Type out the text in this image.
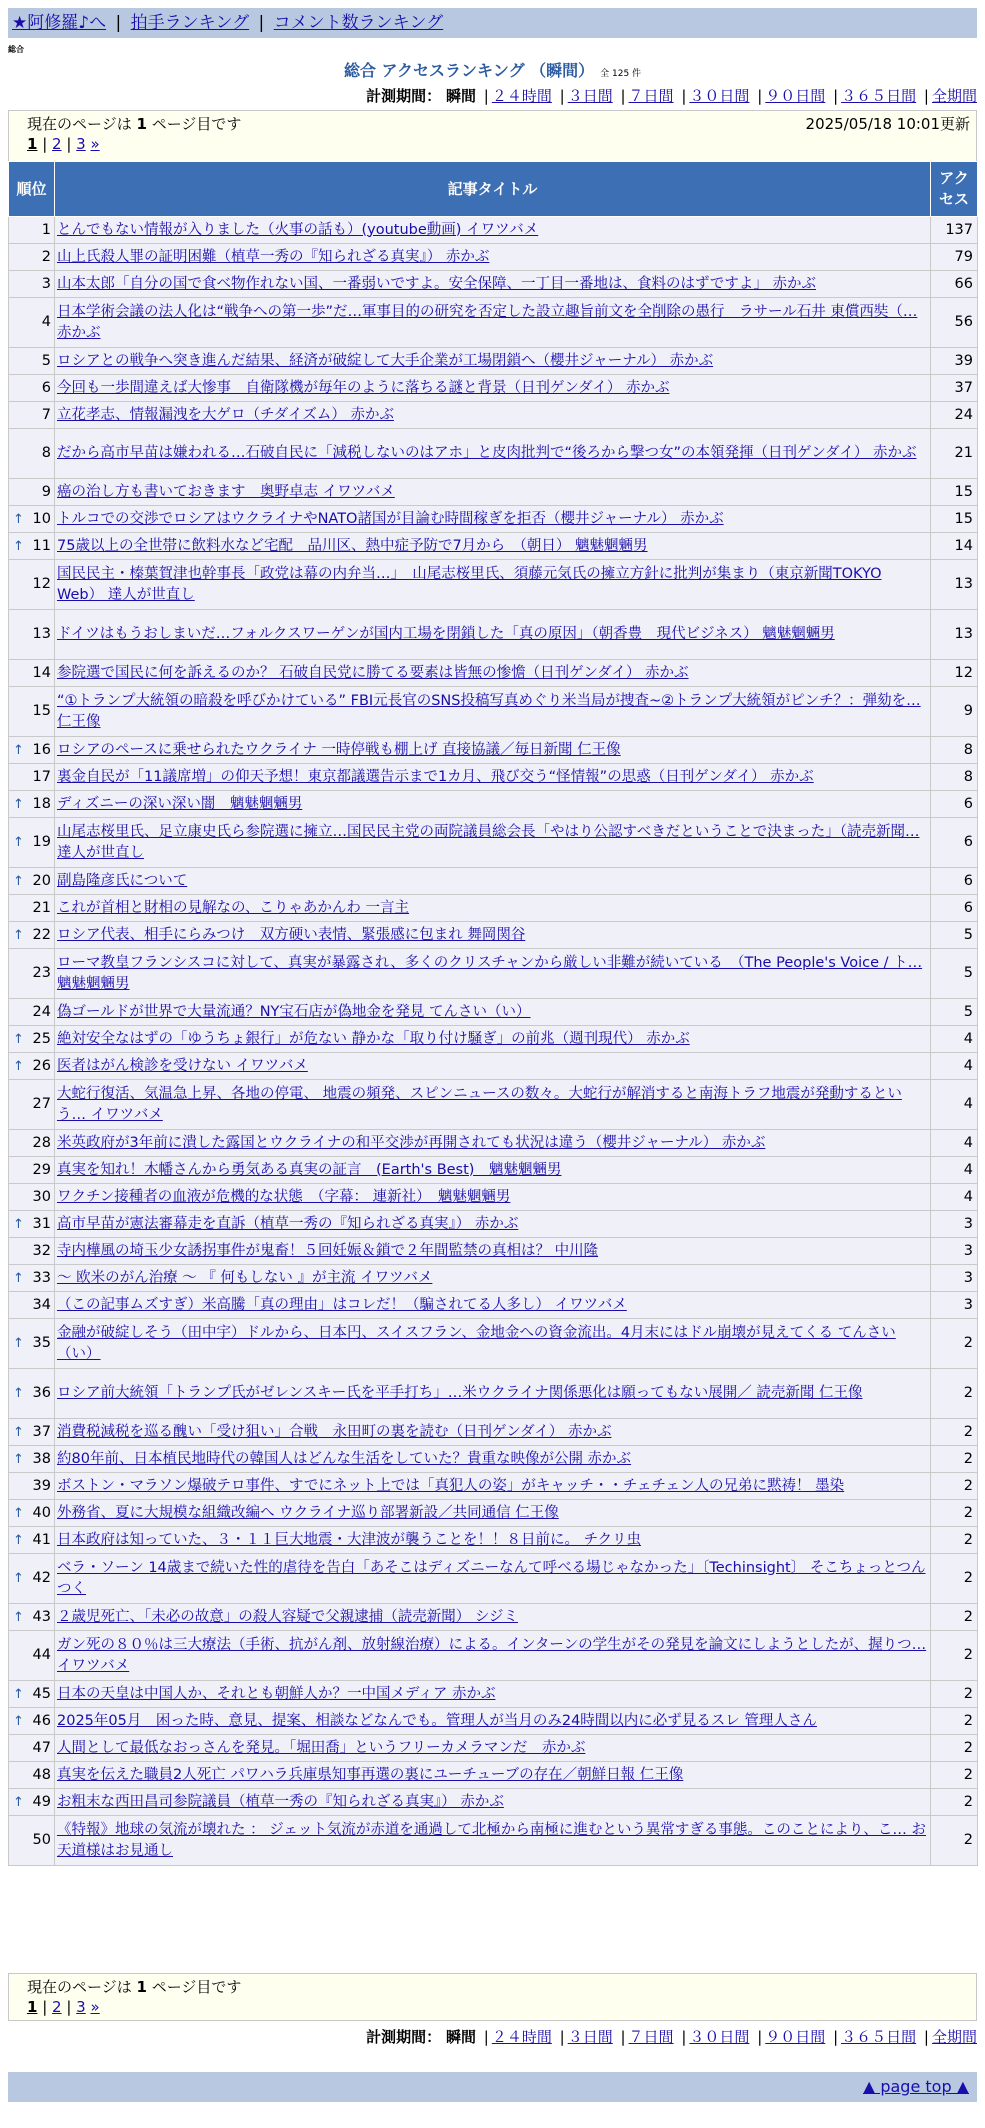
★阿修羅♪へ | 拍手ランキング | コメント数ランキング
総合
総合 アクセスランキング （瞬間） 全 125 件
計測期間： 瞬間 | ２４時間 | ３日間 | ７日間 | ３０日間 | ９０日間 | ３６５日間 | 全期間
現在のページは 1 ページ目です	2025/05/18 10:01更新
1 | 2 | 3 »
順位	記事タイトル	アクセス
1	とんでもない情報が入りました（火事の話も）(youtube動画) イワツバメ	137
2	山上氏殺人罪の証明困難（植草一秀の『知られざる真実』） 赤かぶ	79
3	山本太郎「自分の国で食べ物作れない国、一番弱いですよ。安全保障、一丁目一番地は、食料のはずですよ」 赤かぶ	66
4	日本学術会議の法人化は“戦争への第一歩”だ…軍事目的の研究を否定した設立趣旨前文を全削除の愚行　ラサール石井 東償西奘（… 赤かぶ	56
5	ロシアとの戦争へ突き進んだ結果、経済が破綻して大手企業が工場閉鎖へ（櫻井ジャーナル） 赤かぶ	39
6	今回も一歩間違えば大惨事　自衛隊機が毎年のように落ちる謎と背景（日刊ゲンダイ） 赤かぶ	37
7	立花孝志、情報漏洩を大ゲロ（チダイズム） 赤かぶ	24
8	だから高市早苗は嫌われる…石破自民に「減税しないのはアホ」と皮肉批判で“後ろから撃つ女”の本領発揮（日刊ゲンダイ） 赤かぶ	21
9	癌の治し方も書いておきます　奥野卓志 イワツバメ	15

↑ 10	トルコでの交渉でロシアはウクライナやNATO諸国が目論む時間稼ぎを拒否（櫻井ジャーナル） 赤かぶ	15

↑ 11	75歳以上の全世帯に飲料水など宅配　品川区、熱中症予防で7月から　（朝日） 魑魅魍魎男	14
12	国民民主・榛葉賀津也幹事長「政党は幕の内弁当…」　山尾志桜里氏、須藤元気氏の擁立方針に批判が集まり（東京新聞TOKYO Web） 達人が世直し	13
13	ドイツはもうおしまいだ…フォルクスワーゲンが国内工場を閉鎖した「真の原因」（朝香豊　現代ビジネス） 魑魅魍魎男	13
14	参院選で国民に何を訴えるのか？ 石破自民党に勝てる要素は皆無の惨憺（日刊ゲンダイ） 赤かぶ	12
15	“①トランプ大統領の暗殺を呼びかけている” FBI元長官のSNS投稿写真めぐり米当局が捜査~②トランプ大統領がピンチ？：弾劾を… 仁王像	9

↑ 16	ロシアのペースに乗せられたウクライナ 一時停戦も棚上げ 直接協議／毎日新聞 仁王像	8
17	裏金自民が「11議席増」の仰天予想！東京都議選告示まで1カ月、飛び交う“怪情報”の思惑（日刊ゲンダイ） 赤かぶ	8

↑ 18	ディズニーの深い深い闇　魑魅魍魎男	6

↑ 19	山尾志桜里氏、足立康史氏ら参院選に擁立…国民民主党の両院議員総会長「やはり公認すべきだということで決まった」（読売新聞… 達人が世直し	6

↑ 20	副島隆彦氏について	6
21	これが首相と財相の見解なの、こりゃあかんわ 一言主	6

↑ 22	ロシア代表、相手にらみつけ　双方硬い表情、緊張感に包まれ 舞岡関谷	5
23	ローマ教皇フランシスコに対して、真実が暴露され、多くのクリスチャンから厳しい非難が続いている　（The People's Voice / ト… 魑魅魍魎男	5
24	偽ゴールドが世界で大量流通？NY宝石店が偽地金を発見 てんさい（い）	5

↑ 25	絶対安全なはずの「ゆうちょ銀行」が危ない 静かな「取り付け騒ぎ」の前兆（週刊現代） 赤かぶ	4

↑ 26	医者はがん検診を受けない イワツバメ	4
27	大蛇行復活、気温急上昇、各地の停電、 地震の頻発、スピンニュースの数々。大蛇行が解消すると南海トラフ地震が発動するという… イワツバメ	4
28	米英政府が3年前に潰した露国とウクライナの和平交渉が再開されても状況は違う（櫻井ジャーナル） 赤かぶ	4
29	真実を知れ！木幡さんから勇気ある真実の証言　(Earth's Best)　魑魅魍魎男	4
30	ワクチン接種者の血液が危機的な状態　（字幕： 連新社）　魑魅魍魎男	4

↑ 31	高市早苗が憲法審幕走を直訴（植草一秀の『知られざる真実』） 赤かぶ	3
32	寺内樺風の埼玉少女誘拐事件が鬼畜！５回妊娠＆鎖で２年間監禁の真相は？ 中川隆	3

↑ 33	～ 欧米のがん治療 ～ 『 何もしない 』が主流 イワツバメ	3
34	（この記事ムズすぎ）米高騰「真の理由」はコレだ！（騙されてる人多し） イワツバメ	3

↑ 35	金融が破綻しそう（田中宇）ドルから、日本円、スイスフラン、金地金への資金流出。4月末にはドル崩壊が見えてくる てんさい（い）	2

↑ 36	ロシア前大統領「トランプ氏がゼレンスキー氏を平手打ち」…米ウクライナ関係悪化は願ってもない展開／ 読売新聞 仁王像	2

↑ 37	消費税減税を巡る醜い「受け狙い」合戦　永田町の裏を読む（日刊ゲンダイ） 赤かぶ	2

↑ 38	約80年前、日本植民地時代の韓国人はどんな生活をしていた？貴重な映像が公開 赤かぶ	2
39	ボストン・マラソン爆破テロ事件、すでにネット上では「真犯人の姿」がキャッチ・・チェチェン人の兄弟に黙祷！ 墨染	2

↑ 40	外務省、夏に大規模な組織改編へ ウクライナ巡り部署新設／共同通信 仁王像	2

↑ 41	日本政府は知っていた、３・１１巨大地震・大津波が襲うことを！！８日前に。 チクリ虫	2

↑ 42	ベラ・ソーン 14歳まで続いた性的虐待を告白「あそこはディズニーなんて呼べる場じゃなかった」〔Techinsight〕 そこちょっとつんつく	2

↑ 43	２歳児死亡、「未必の故意」の殺人容疑で父親逮捕（読売新聞） シジミ	2
44	ガン死の８０％は三大療法（手術、抗がん剤、放射線治療）による。インターンの学生がその発見を論文にしようとしたが、握りつ… イワツバメ	2

↑ 45	日本の天皇は中国人か、それとも朝鮮人か？一中国メディア 赤かぶ	2

↑ 46	2025年05月　困った時、意見、提案、相談などなんでも。管理人が当月のみ24時間以内に必ず見るスレ 管理人さん	2
47	人間として最低なおっさんを発見。「堀田喬」というフリーカメラマンだ　赤かぶ	2
48	真実を伝えた職員2人死亡 パワハラ兵庫県知事再選の裏にユーチューブの存在／朝鮮日報 仁王像	2

↑ 49	お粗末な西田昌司参院議員（植草一秀の『知られざる真実』） 赤かぶ	2
50	《特報》地球の気流が壊れた ： ジェット気流が赤道を通過して北極から南極に進むという異常すぎる事態。このことにより、こ… お天道様はお見通し	2
現在のページは 1 ページ目です
1 | 2 | 3 »
計測期間： 瞬間 | ２４時間 | ３日間 | ７日間 | ３０日間 | ９０日間 | ３６５日間 | 全期間
▲ page top ▲
